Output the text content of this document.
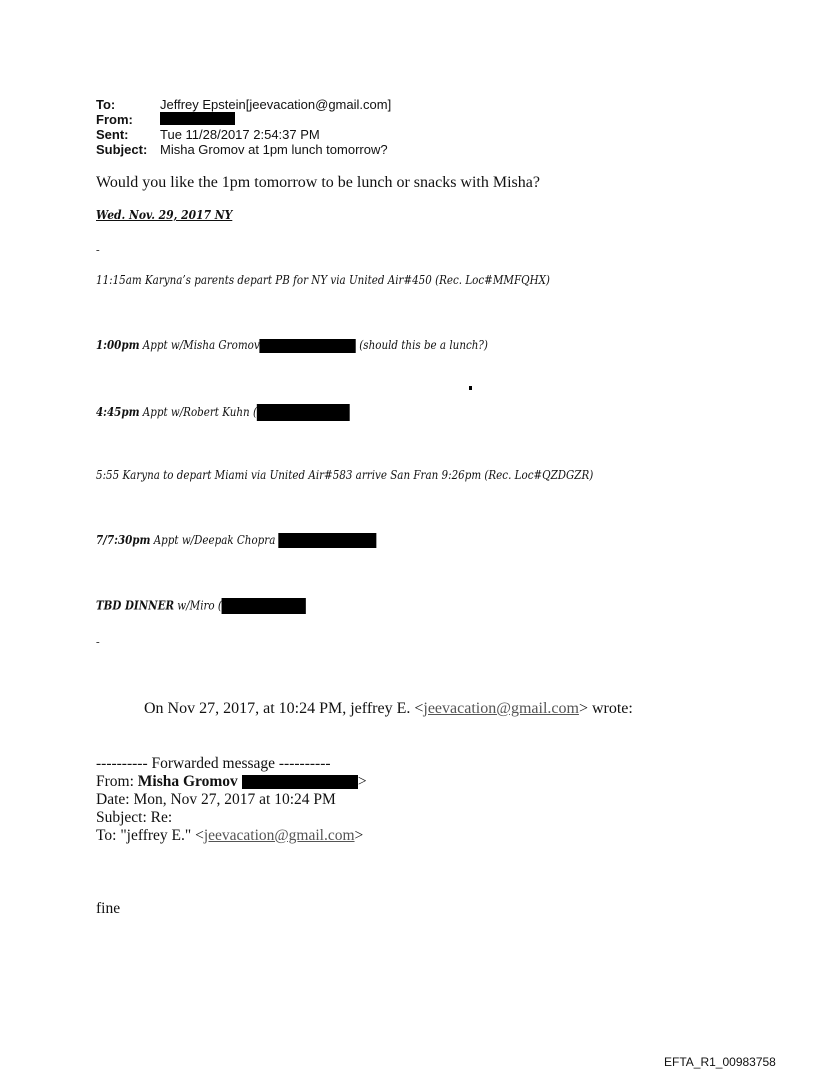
To:	Jeffrey Epstein[jeevacation@gmail.com]
From:
Sent: Tue 11/28/2017 2:54:37 PM
Subject: Misha Gromov at 1pm lunch tomorrow?
Would you like the 1pm tomorrow to be lunch or snacks with Misha?
Wed. Nov. 29, 2017 NY
-
11:15am Karyna’s parents depart PB for NY via United Air#450 (Rec. Loc#MMFQHX)
1:00pm Appt w/Misha Gromov	(should this be a lunch?)
4:45pm Appt w/Robert Kuhn (
5:55 Karyna to depart Miami via United Air#583 arrive San Fran 9:26pm (Rec. Loc#QZDGZR)
7/7:30pm Appt w/Deepak Chopra
TBD DINNER w/Miro (
-
On Nov 27, 2017, at 10:24 PM, jeffrey E. <jeevacation@gmail.com> wrote:
---------- Forwarded message ----------
From: Misha Gromov	>
Date: Mon, Nov 27, 2017 at 10:24 PM
Subject: Re:
To: "jeffrey E." <jeevacation@gmail.com>
fine
EFTA_R1_00983758
